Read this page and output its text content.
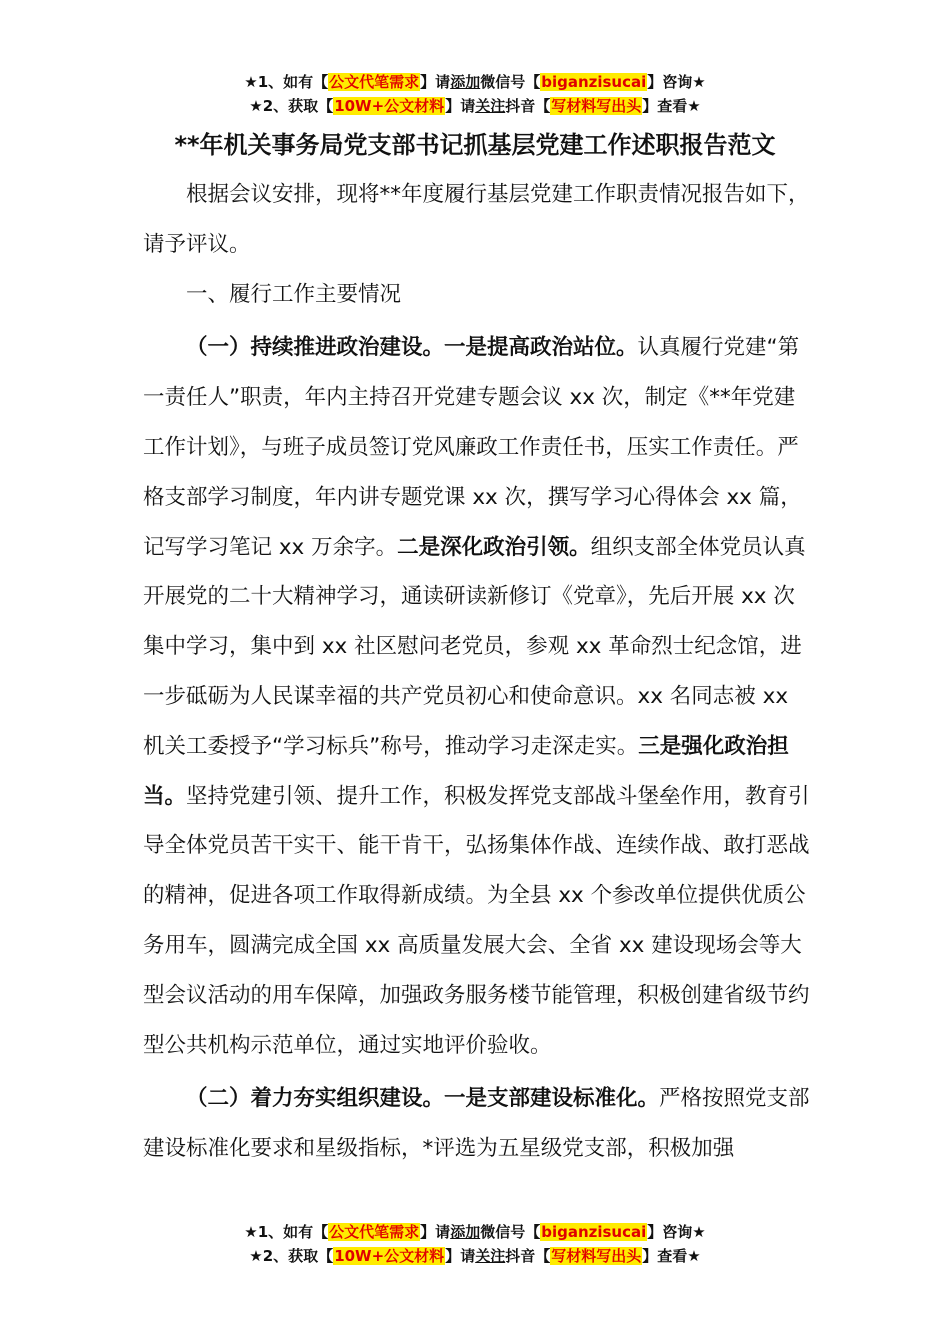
★1、如有【公文代笔需求】请添加微信号【biganzisucai】咨询★
★2、获取【10W+公文材料】请关注抖音【写材料写出头】查看★
**年机关事务局党支部书记抓基层党建工作述职报告范文

根据会议安排，现将**年度履行基层党建工作职责情况报告如下，请予评议。

一、履行工作主要情况

（一）持续推进政治建设。一是提高政治站位。认真履行党建“第一责任人”职责，年内主持召开党建专题会议 xx 次，制定《**年党建工作计划》，与班子成员签订党风廉政工作责任书，压实工作责任。严格支部学习制度，年内讲专题党课 xx 次，撰写学习心得体会 xx 篇，记写学习笔记 xx 万余字。二是深化政治引领。组织支部全体党员认真开展党的二十大精神学习，通读研读新修订《党章》，先后开展 xx 次集中学习，集中到 xx 社区慰问老党员，参观 xx 革命烈士纪念馆，进一步砥砺为人民谋幸福的共产党员初心和使命意识。xx 名同志被 xx 机关工委授予“学习标兵”称号，推动学习走深走实。三是强化政治担当。坚持党建引领、提升工作，积极发挥党支部战斗堡垒作用，教育引导全体党员苦干实干、能干肯干，弘扬集体作战、连续作战、敢打恶战的精神，促进各项工作取得新成绩。为全县 xx 个参改单位提供优质公务用车，圆满完成全国 xx 高质量发展大会、全省 xx 建设现场会等大型会议活动的用车保障，加强政务服务楼节能管理，积极创建省级节约型公共机构示范单位，通过实地评价验收。

（二）着力夯实组织建设。一是支部建设标准化。严格按照党支部建设标准化要求和星级指标，*评选为五星级党支部，积极加强

★1、如有【公文代笔需求】请添加微信号【biganzisucai】咨询★
★2、获取【10W+公文材料】请关注抖音【写材料写出头】查看★
